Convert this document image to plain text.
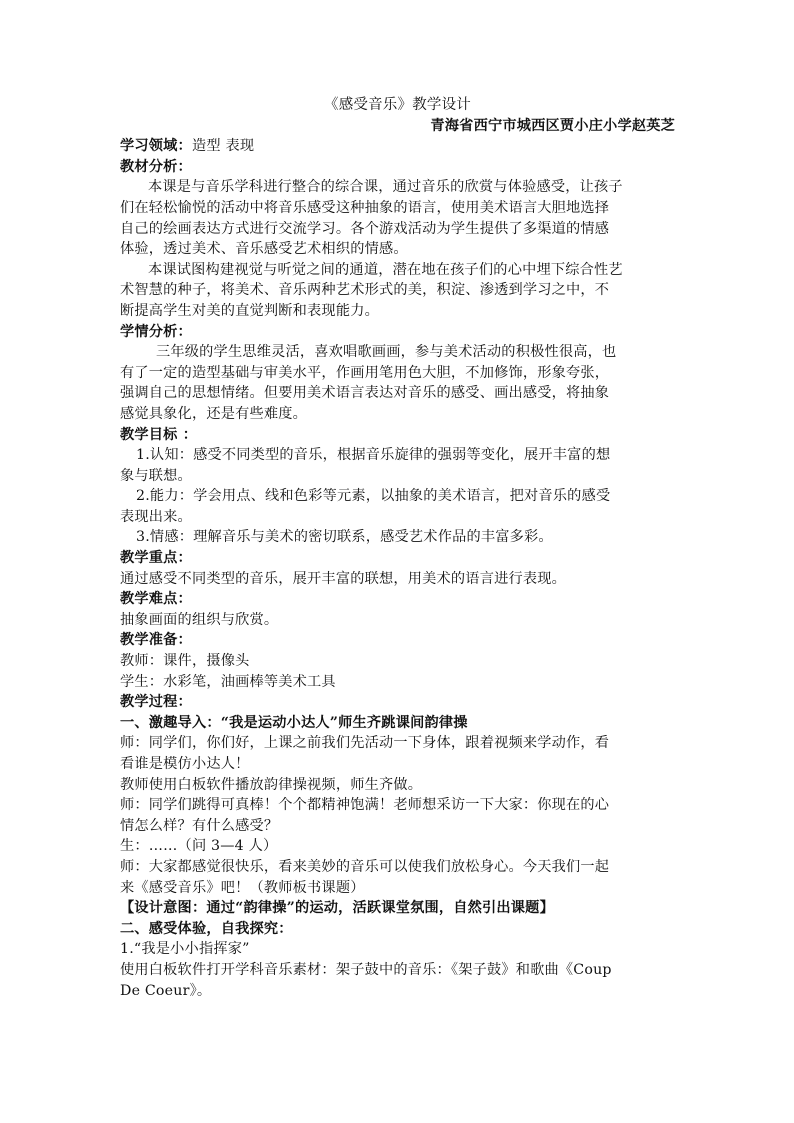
《感受音乐》教学设计
青海省西宁市城西区贾小庄小学赵英芝
学习领域：造型 表现
教材分析：
本课是与音乐学科进行整合的综合课，通过音乐的欣赏与体验感受，让孩子
们在轻松愉悦的活动中将音乐感受这种抽象的语言，使用美术语言大胆地选择
自己的绘画表达方式进行交流学习。各个游戏活动为学生提供了多渠道的情感
体验，透过美术、音乐感受艺术相织的情感。
本课试图构建视觉与听觉之间的通道，潜在地在孩子们的心中埋下综合性艺
术智慧的种子，将美术、音乐两种艺术形式的美，积淀、渗透到学习之中，不
断提高学生对美的直觉判断和表现能力。
学情分析：
三年级的学生思维灵活，喜欢唱歌画画，参与美术活动的积极性很高，也
有了一定的造型基础与审美水平，作画用笔用色大胆，不加修饰，形象夸张，
强调自己的思想情绪。但要用美术语言表达对音乐的感受、画出感受，将抽象
感觉具象化，还是有些难度。
教学目标 ：
1.认知：感受不同类型的音乐，根据音乐旋律的强弱等变化，展开丰富的想
象与联想。
2.能力：学会用点、线和色彩等元素，以抽象的美术语言，把对音乐的感受
表现出来。
3.情感：理解音乐与美术的密切联系，感受艺术作品的丰富多彩。
教学重点：
通过感受不同类型的音乐，展开丰富的联想，用美术的语言进行表现。
教学难点：
抽象画面的组织与欣赏。
教学准备：
教师：课件，摄像头
学生：水彩笔，油画棒等美术工具
教学过程：
一、激趣导入：“我是运动小达人”师生齐跳课间韵律操
师：同学们，你们好，上课之前我们先活动一下身体，跟着视频来学动作，看
看谁是模仿小达人！
教师使用白板软件播放韵律操视频，师生齐做。
师：同学们跳得可真棒！个个都精神饱满！老师想采访一下大家：你现在的心
情怎么样？有什么感受？
生：……（问 3—4 人）
师：大家都感觉很快乐，看来美妙的音乐可以使我们放松身心。今天我们一起
来《感受音乐》吧！（教师板书课题）
【设计意图：通过“韵律操”的运动，活跃课堂氛围，自然引出课题】
二、感受体验，自我探究：
1.“我是小小指挥家”
使用白板软件打开学科音乐素材：架子鼓中的音乐：《架子鼓》和歌曲《Coup
De Coeur》。
